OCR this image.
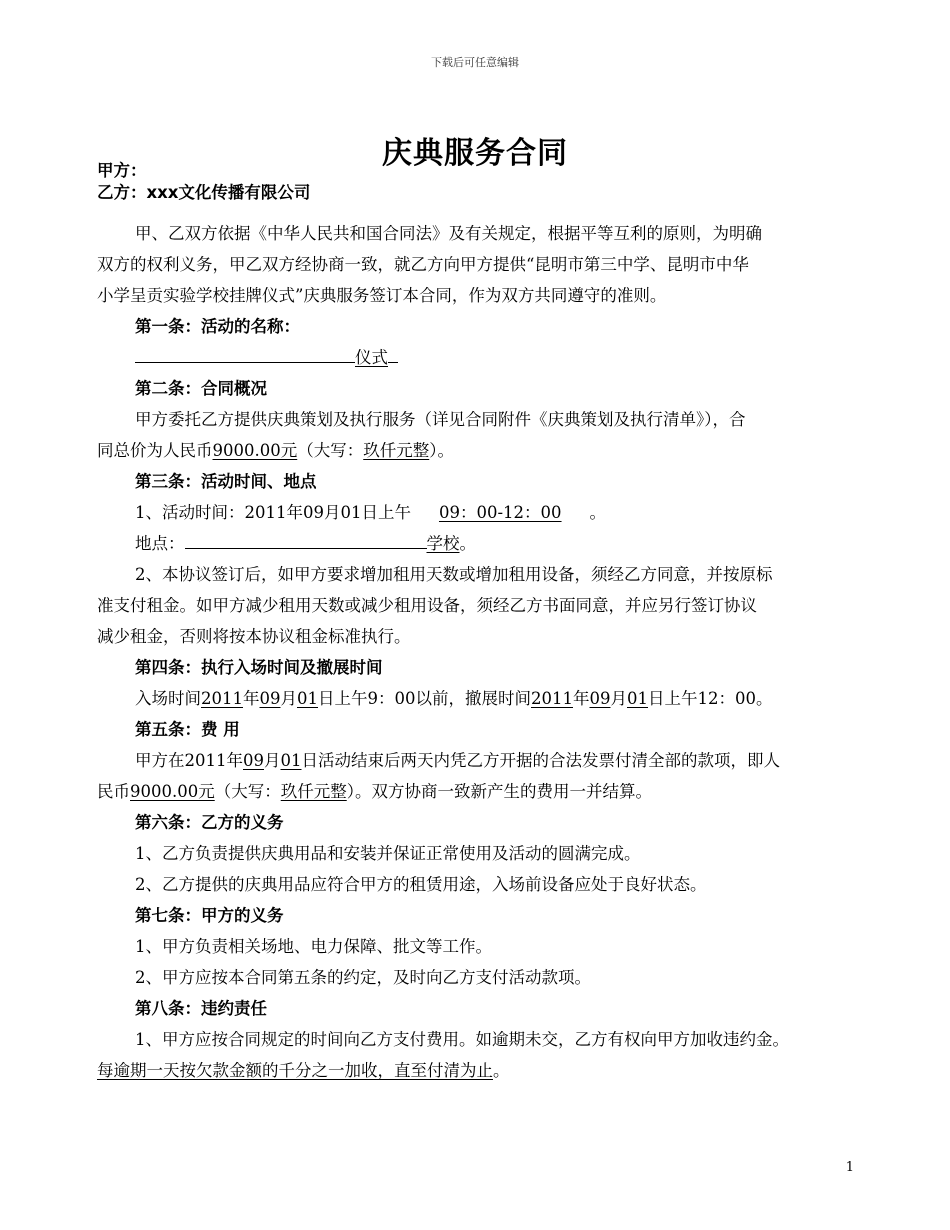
下载后可任意编辑
庆典服务合同
甲方：
乙方：xxx文化传播有限公司
甲、乙双方依据《中华人民共和国合同法》及有关规定，根据平等互利的原则，为明确
双方的权利义务，甲乙双方经协商一致，就乙方向甲方提供“昆明市第三中学、昆明市中华
小学呈贡实验学校挂牌仪式”庆典服务签订本合同，作为双方共同遵守的准则。
第一条：活动的名称：
仪式
第二条：合同概况
甲方委托乙方提供庆典策划及执行服务（详见合同附件《庆典策划及执行清单》），合
同总价为人民币9000.00元（大写：玖仟元整）。
第三条：活动时间、地点
1、活动时间：2011年09月01日上午 09：00-12：00 。
地点：	学校。
2、本协议签订后，如甲方要求增加租用天数或增加租用设备，须经乙方同意，并按原标
准支付租金。如甲方减少租用天数或减少租用设备，须经乙方书面同意，并应另行签订协议
减少租金，否则将按本协议租金标准执行。
第四条：执行入场时间及撤展时间
入场时间2011年09月01日上午9：00以前，撤展时间2011年09月01日上午12：00。
第五条：费 用
甲方在2011年09月01日活动结束后两天内凭乙方开据的合法发票付清全部的款项，即人
民币9000.00元（大写：玖仟元整）。双方协商一致新产生的费用一并结算。
第六条：乙方的义务
1、乙方负责提供庆典用品和安装并保证正常使用及活动的圆满完成。
2、乙方提供的庆典用品应符合甲方的租赁用途，入场前设备应处于良好状态。
第七条：甲方的义务
1、甲方负责相关场地、电力保障、批文等工作。
2、甲方应按本合同第五条的约定，及时向乙方支付活动款项。
第八条：违约责任
1、甲方应按合同规定的时间向乙方支付费用。如逾期未交，乙方有权向甲方加收违约金。
每逾期一天按欠款金额的千分之一加收，直至付清为止。
1
